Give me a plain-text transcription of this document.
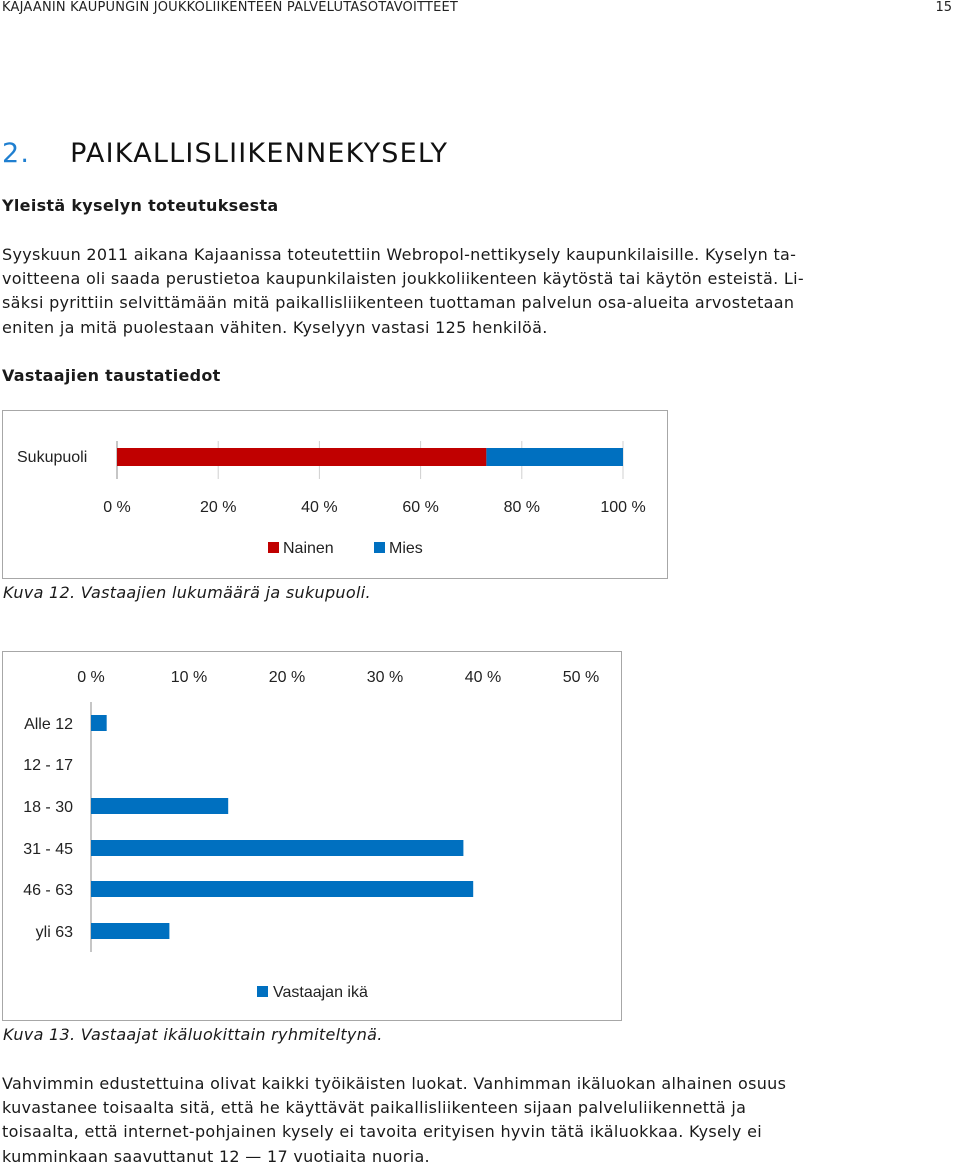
KAJAANIN KAUPUNGIN JOUKKOLIIKENTEEN PALVELUTASOTAVOITTEET	15
2. PAIKALLISLIIKENNEKYSELY
Yleistä kyselyn toteutuksesta

Syyskuun 2011 aikana Kajaanissa toteutettiin Webropol-nettikysely kaupunkilaisille. Kyselyn ta-

voitteena oli saada perustietoa kaupunkilaisten joukkoliikenteen käytöstä tai käytön esteistä. Li-

säksi pyrittiin selvittämään mitä paikallisliikenteen tuottaman palvelun osa-alueita arvostetaan

eniten ja mitä puolestaan vähiten. Kyselyyn vastasi 125 henkilöä.

Vastaajien taustatiedot
0 %	20 %	40 %	60 %	80 %	100 %
Sukupuoli
Nainen	Mies
Kuva 12. Vastaajien lukumäärä ja sukupuoli.
0 %	10 %	20 %	30 %	40 %	50 %
Alle 12
12 - 17
18 - 30
31 - 45
46 - 63
yli 63
Vastaajan ikä
Kuva 13. Vastaajat ikäluokittain ryhmiteltynä.

Vahvimmin edustettuina olivat kaikki työikäisten luokat. Vanhimman ikäluokan alhainen osuus

kuvastanee toisaalta sitä, että he käyttävät paikallisliikenteen sijaan palveluliikennettä ja

toisaalta, että internet-pohjainen kysely ei tavoita erityisen hyvin tätä ikäluokkaa. Kysely ei

kumminkaan saavuttanut 12 — 17 vuotiaita nuoria.
